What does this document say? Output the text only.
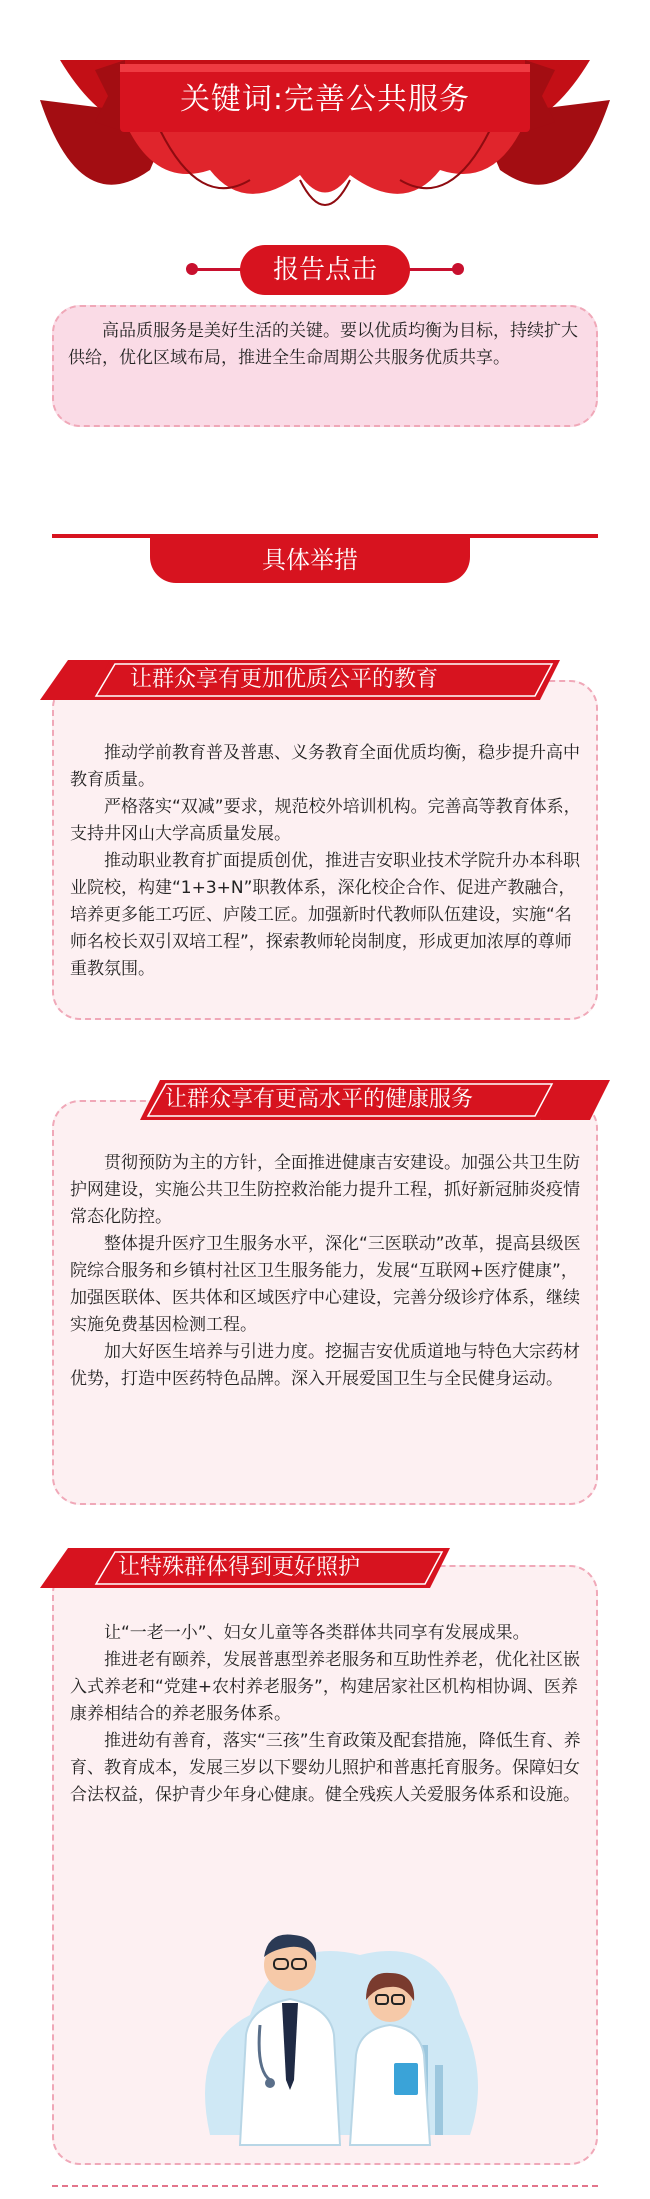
关键词:完善公共服务
报告点击
高品质服务是美好生活的关键。要以优质均衡为目标，持续扩大供给，优化区域布局，推进全生命周期公共服务优质共享。
具体举措
让群众享有更加优质公平的教育

推动学前教育普及普惠、义务教育全面优质均衡，稳步提升高中教育质量。

严格落实“双减”要求，规范校外培训机构。完善高等教育体系，支持井冈山大学高质量发展。

推动职业教育扩面提质创优，推进吉安职业技术学院升办本科职业院校，构建“1+3+N”职教体系，深化校企合作、促进产教融合，培养更多能工巧匠、庐陵工匠。加强新时代教师队伍建设，实施“名师名校长双引双培工程”，探索教师轮岗制度，形成更加浓厚的尊师重教氛围。

让群众享有更高水平的健康服务

贯彻预防为主的方针，全面推进健康吉安建设。加强公共卫生防护网建设，实施公共卫生防控救治能力提升工程，抓好新冠肺炎疫情常态化防控。

整体提升医疗卫生服务水平，深化“三医联动”改革，提高县级医院综合服务和乡镇村社区卫生服务能力，发展“互联网+医疗健康”，加强医联体、医共体和区域医疗中心建设，完善分级诊疗体系，继续实施免费基因检测工程。

加大好医生培养与引进力度。挖掘吉安优质道地与特色大宗药材优势，打造中医药特色品牌。深入开展爱国卫生与全民健身运动。

让特殊群体得到更好照护

让“一老一小”、妇女儿童等各类群体共同享有发展成果。

推进老有颐养，发展普惠型养老服务和互助性养老，优化社区嵌入式养老和“党建+农村养老服务”，构建居家社区机构相协调、医养康养相结合的养老服务体系。

推进幼有善育，落实“三孩”生育政策及配套措施，降低生育、养育、教育成本，发展三岁以下婴幼儿照护和普惠托育服务。保障妇女合法权益，保护青少年身心健康。健全残疾人关爱服务体系和设施。
